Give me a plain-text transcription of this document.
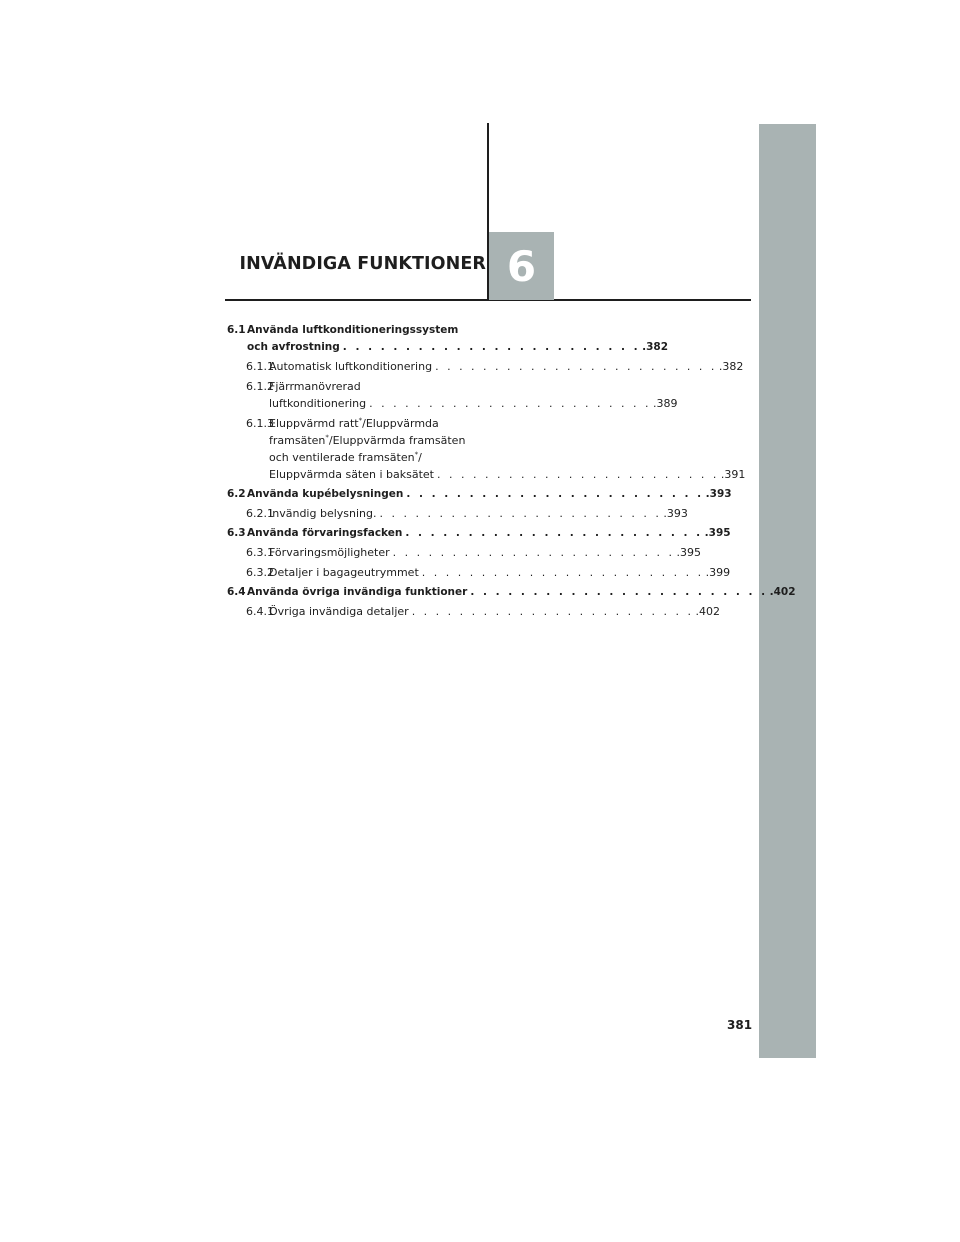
INVÄNDIGA FUNKTIONER 6
6.1 Använda luftkonditioneringssystem
och avfrostning . . . . . . . . . . . . . . . . . . . . . . . . .382
6.1.1
Automatisk luftkonditionering . . . . . . . . . . . . . . . . . . . . . . . . .382
6.1.2
Fjärrmanövrerad
luftkonditionering . . . . . . . . . . . . . . . . . . . . . . . . .389
6.1.3
Eluppvärmd ratt*/Eluppvärmda
framsäten*/Eluppvärmda framsäten
och ventilerade framsäten*/
Eluppvärmda säten i baksätet . . . . . . . . . . . . . . . . . . . . . . . . .391
6.2 Använda kupébelysningen . . . . . . . . . . . . . . . . . . . . . . . . .393
6.2.1
Invändig belysning. . . . . . . . . . . . . . . . . . . . . . . . . .393
6.3 Använda förvaringsfacken . . . . . . . . . . . . . . . . . . . . . . . . .395
6.3.1
Förvaringsmöjligheter . . . . . . . . . . . . . . . . . . . . . . . . .395
6.3.2
Detaljer i bagageutrymmet . . . . . . . . . . . . . . . . . . . . . . . . .399
6.4 Använda övriga invändiga funktioner . . . . . . . . . . . . . . . . . . . . . . . . .402
6.4.1
Övriga invändiga detaljer . . . . . . . . . . . . . . . . . . . . . . . . .402
381
